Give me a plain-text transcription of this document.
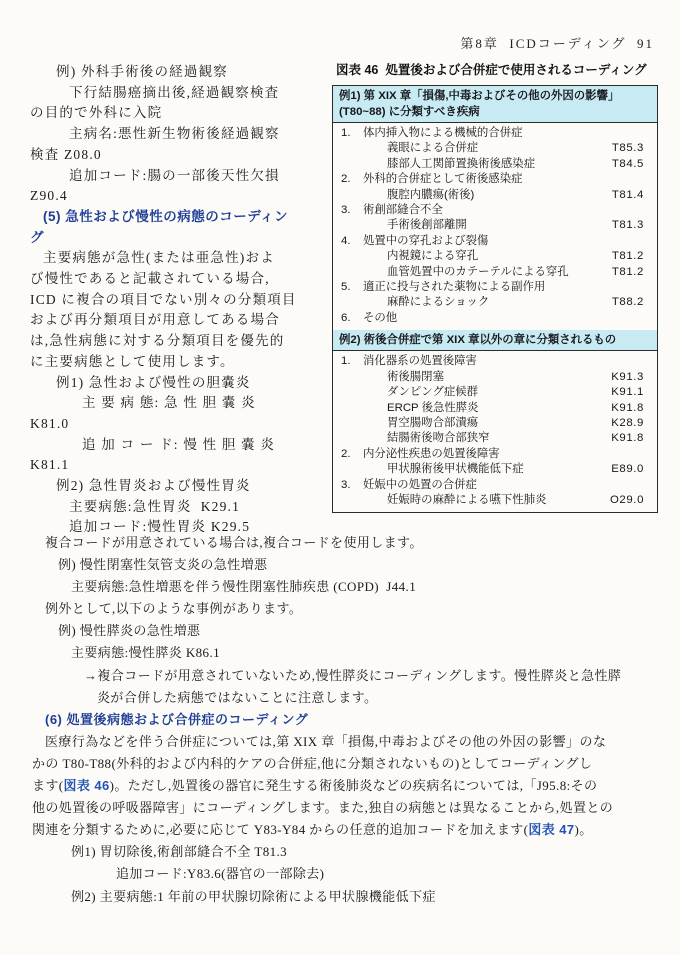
第8章  ICDコーディング  91
例) 外科手術後の経過観察
下行結腸癌摘出後,経過観察検査
の目的で外科に入院
主病名:悪性新生物術後経過観察
検査 Z08.0
追加コード:腸の一部後天性欠損
Z90.4
(5) 急性および慢性の病態のコーディン
グ
主要病態が急性(または亜急性)およ
び慢性であると記載されている場合,
ICD に複合の項目でない別々の分類項目
および再分類項目が用意してある場合
は,急性病態に対する分類項目を優先的
に主要病態として使用します。
例1) 急性および慢性の胆嚢炎
主 要 病 態: 急 性 胆 嚢 炎
K81.0
追 加 コ ー ド: 慢 性 胆 嚢 炎
K81.1
例2) 急性胃炎および慢性胃炎
主要病態:急性胃炎  K29.1
追加コード:慢性胃炎 K29.5
図表 46  処置後および合併症で使用されるコーディング
例1) 第 XIX 章「損傷,中毒およびその他の外因の影響」(T80~88) に分類すべき疾病
1. 体内挿入物による機械的合併症
義眼による合併症	T85.3
膝部人工関節置換術後感染症	T84.5
2. 外科的合併症として術後感染症
腹腔内膿瘍(術後)	T81.4
3. 術創部縫合不全
手術後創部離開	T81.3
4. 処置中の穿孔および裂傷
内視鏡による穿孔	T81.2
血管処置中のカテーテルによる穿孔	T81.2
5. 適正に投与された薬物による副作用
麻酔によるショック	T88.2
6. その他
例2) 術後合併症で第 XIX 章以外の章に分類されるもの
1. 消化器系の処置後障害
術後腸閉塞	K91.3
ダンピング症候群	K91.1
ERCP 後急性膵炎	K91.8
胃空腸吻合部潰瘍	K28.9
結腸術後吻合部狭窄	K91.8
2. 内分泌性疾患の処置後障害
甲状腺術後甲状機能低下症	E89.0
3. 妊娠中の処置の合併症
妊娠時の麻酔による嚥下性肺炎	O29.0
複合コードが用意されている場合は,複合コードを使用します。
例) 慢性閉塞性気管支炎の急性増悪
主要病態:急性増悪を伴う慢性閉塞性肺疾患 (COPD)  J44.1
例外として,以下のような事例があります。
例) 慢性膵炎の急性増悪
主要病態:慢性膵炎 K86.1
→複合コードが用意されていないため,慢性膵炎にコーディングします。慢性膵炎と急性膵
炎が合併した病態ではないことに注意します。
(6) 処置後病態および合併症のコーディング
医療行為などを伴う合併症については,第 XIX 章「損傷,中毒およびその他の外因の影響」のな
かの T80-T88(外科的および内科的ケアの合併症,他に分類されないもの)としてコーディングし
ます(図表 46)。ただし,処置後の器官に発生する術後肺炎などの疾病名については,「J95.8:その
他の処置後の呼吸器障害」にコーディングします。また,独自の病態とは異なることから,処置との
関連を分類するために,必要に応じて Y83-Y84 からの任意的追加コードを加えます(図表 47)。
例1) 胃切除後,術創部縫合不全 T81.3
追加コード:Y83.6(器官の一部除去)
例2) 主要病態:1 年前の甲状腺切除術による甲状腺機能低下症
